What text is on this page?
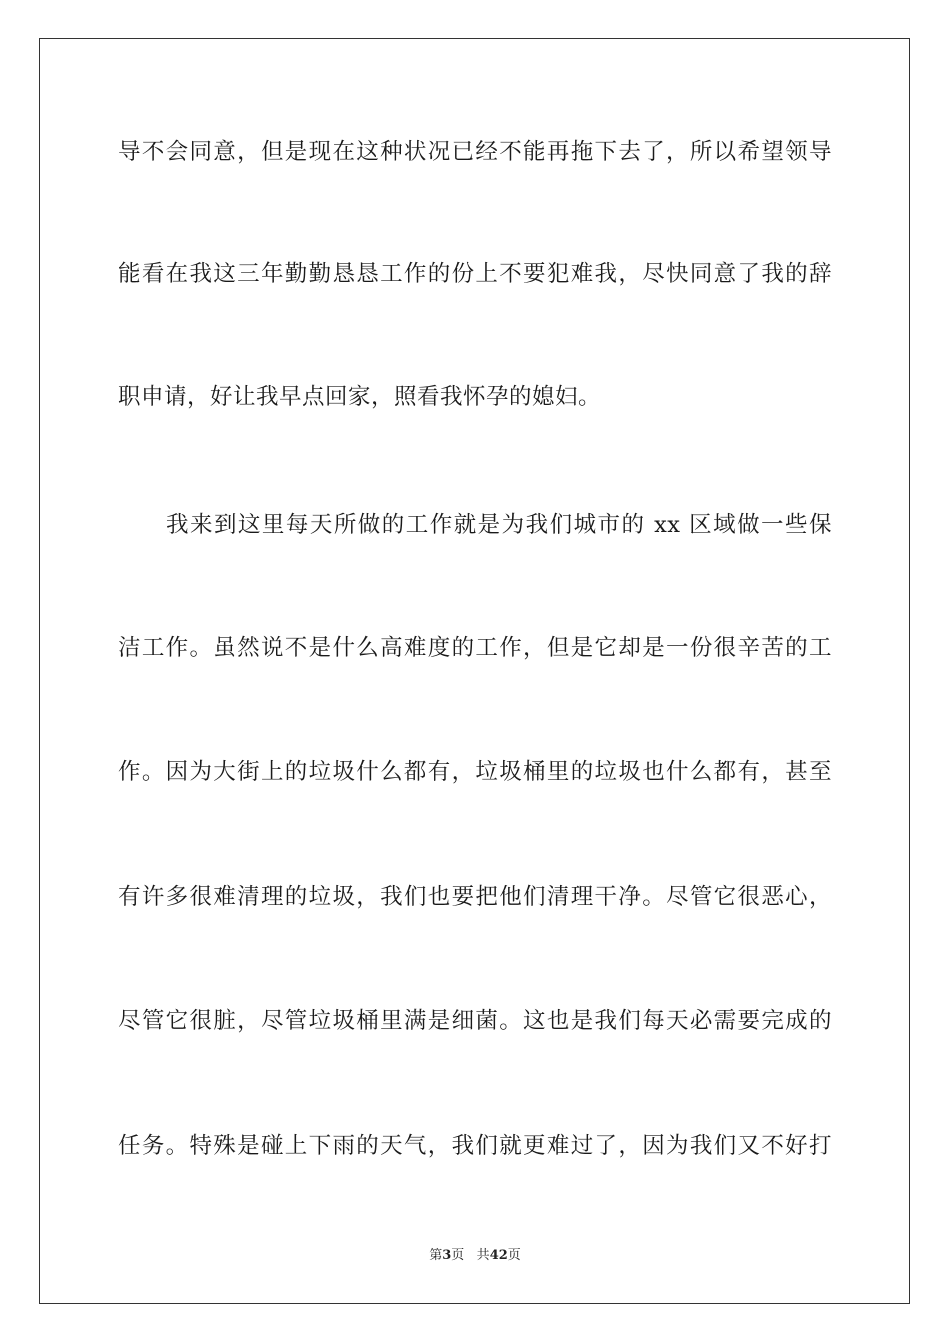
导不会同意，但是现在这种状况已经不能再拖下去了，所以希望领导
能看在我这三年勤勤恳恳工作的份上不要犯难我，尽快同意了我的辞
职申请，好让我早点回家，照看我怀孕的媳妇。
我来到这里每天所做的工作就是为我们城市的 xx 区域做一些保
洁工作。虽然说不是什么高难度的工作，但是它却是一份很辛苦的工
作。因为大街上的垃圾什么都有，垃圾桶里的垃圾也什么都有，甚至
有许多很难清理的垃圾，我们也要把他们清理干净。尽管它很恶心，
尽管它很脏，尽管垃圾桶里满是细菌。这也是我们每天必需要完成的
任务。特殊是碰上下雨的天气，我们就更难过了，因为我们又不好打
第3页 共42页
